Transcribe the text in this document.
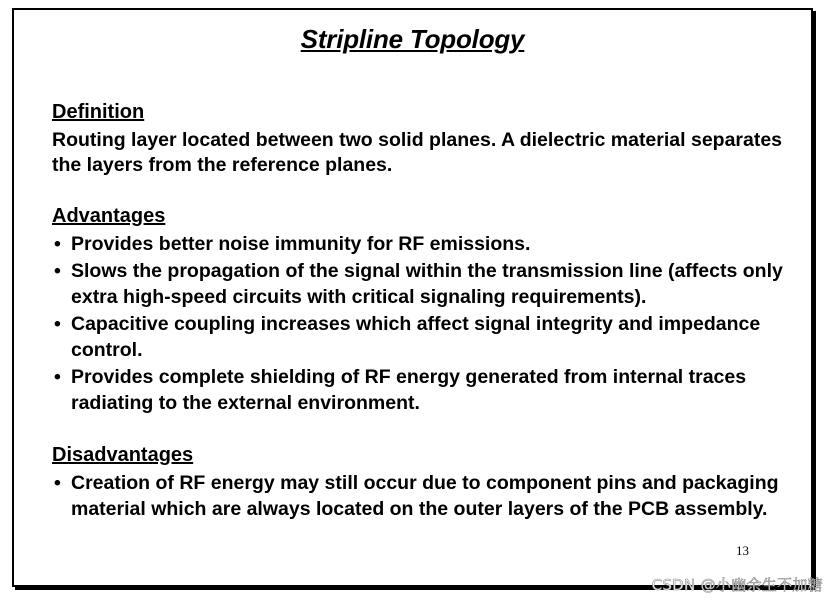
Stripline Topology
Definition
Routing layer located between two solid planes. A dielectric material separates the layers from the reference planes.
Advantages
• Provides better noise immunity for RF emissions.
• Slows the propagation of the signal within the transmission line (affects only extra high-speed circuits with critical signaling requirements).
• Capacitive coupling increases which affect signal integrity and impedance control.
• Provides complete shielding of RF energy generated from internal traces radiating to the external environment.
Disadvantages
• Creation of RF energy may still occur due to component pins and packaging material which are always located on the outer layers of the PCB assembly.
13
CSDN @小幽余生不加糖
